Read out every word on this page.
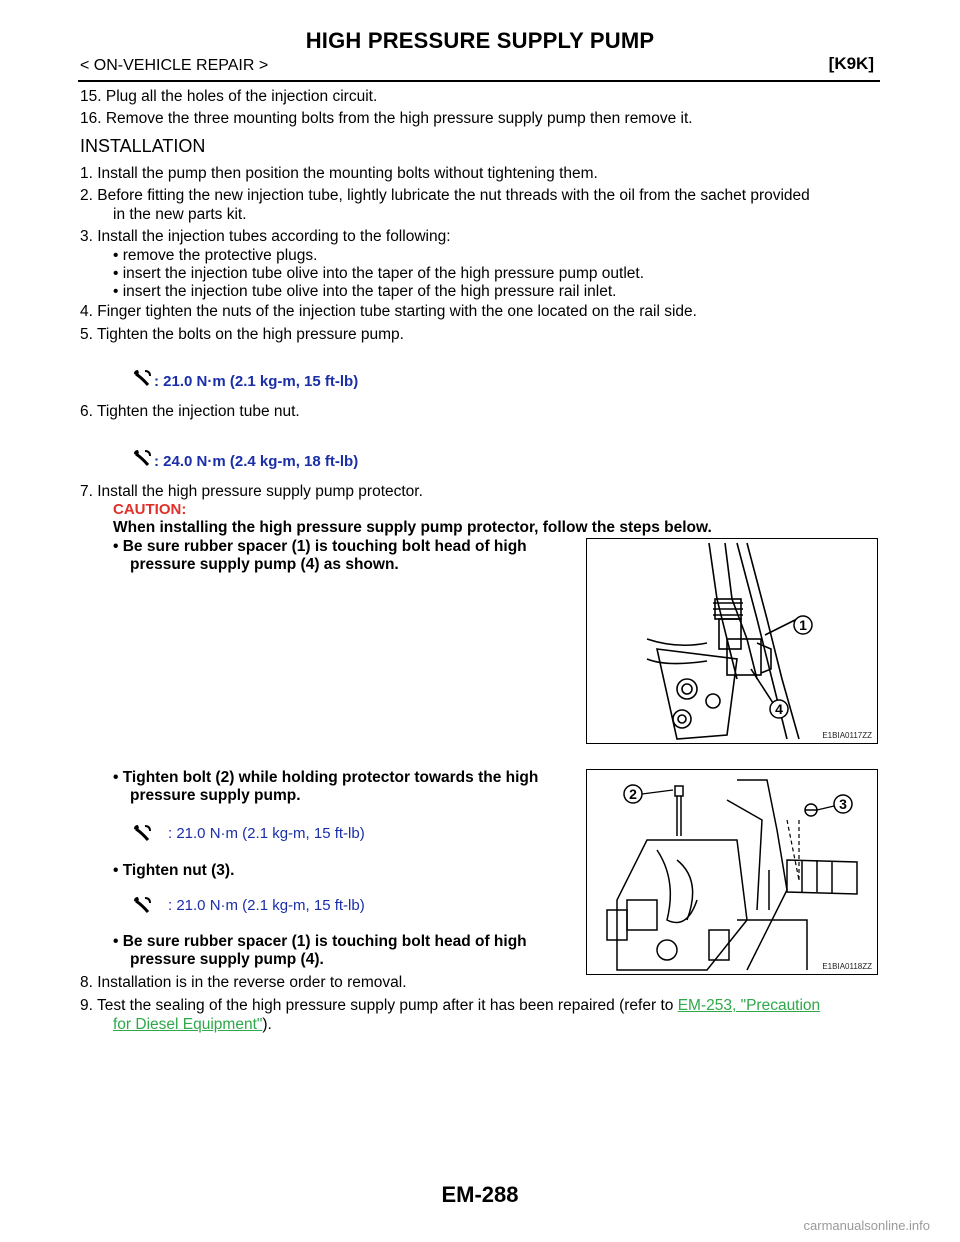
HIGH PRESSURE SUPPLY PUMP
< ON-VEHICLE REPAIR >	[K9K]
15. Plug all the holes of the injection circuit.
16. Remove the three mounting bolts from the high pressure supply pump then remove it.
INSTALLATION
1. Install the pump then position the mounting bolts without tightening them.
2. Before fitting the new injection tube, lightly lubricate the nut threads with the oil from the sachet provided
in the new parts kit.
3. Install the injection tubes according to the following:
• remove the protective plugs.
• insert the injection tube olive into the taper of the high pressure pump outlet.
• insert the injection tube olive into the taper of the high pressure rail inlet.
4. Finger tighten the nuts of the injection tube starting with the one located on the rail side.
5. Tighten the bolts on the high pressure pump.
: 21.0 N·m (2.1 kg-m, 15 ft-lb)
6. Tighten the injection tube nut.
: 24.0 N·m (2.4 kg-m, 18 ft-lb)
7. Install the high pressure supply pump protector.
CAUTION:
When installing the high pressure supply pump protector, follow the steps below.
• Be sure rubber spacer (1) is touching bolt head of high
pressure supply pump (4) as shown.
1
4
E1BIA0117ZZ
• Tighten bolt (2) while holding protector towards the high
pressure supply pump.
: 21.0 N·m (2.1 kg-m, 15 ft-lb)
• Tighten nut (3).
: 21.0 N·m (2.1 kg-m, 15 ft-lb)
• Be sure rubber spacer (1) is touching bolt head of high
pressure supply pump (4).
2
3
E1BIA0118ZZ
8. Installation is in the reverse order to removal.
9. Test the sealing of the high pressure supply pump after it has been repaired (refer to EM-253, "Precaution
for Diesel Equipment").
EM-288
carmanualsonline.info
